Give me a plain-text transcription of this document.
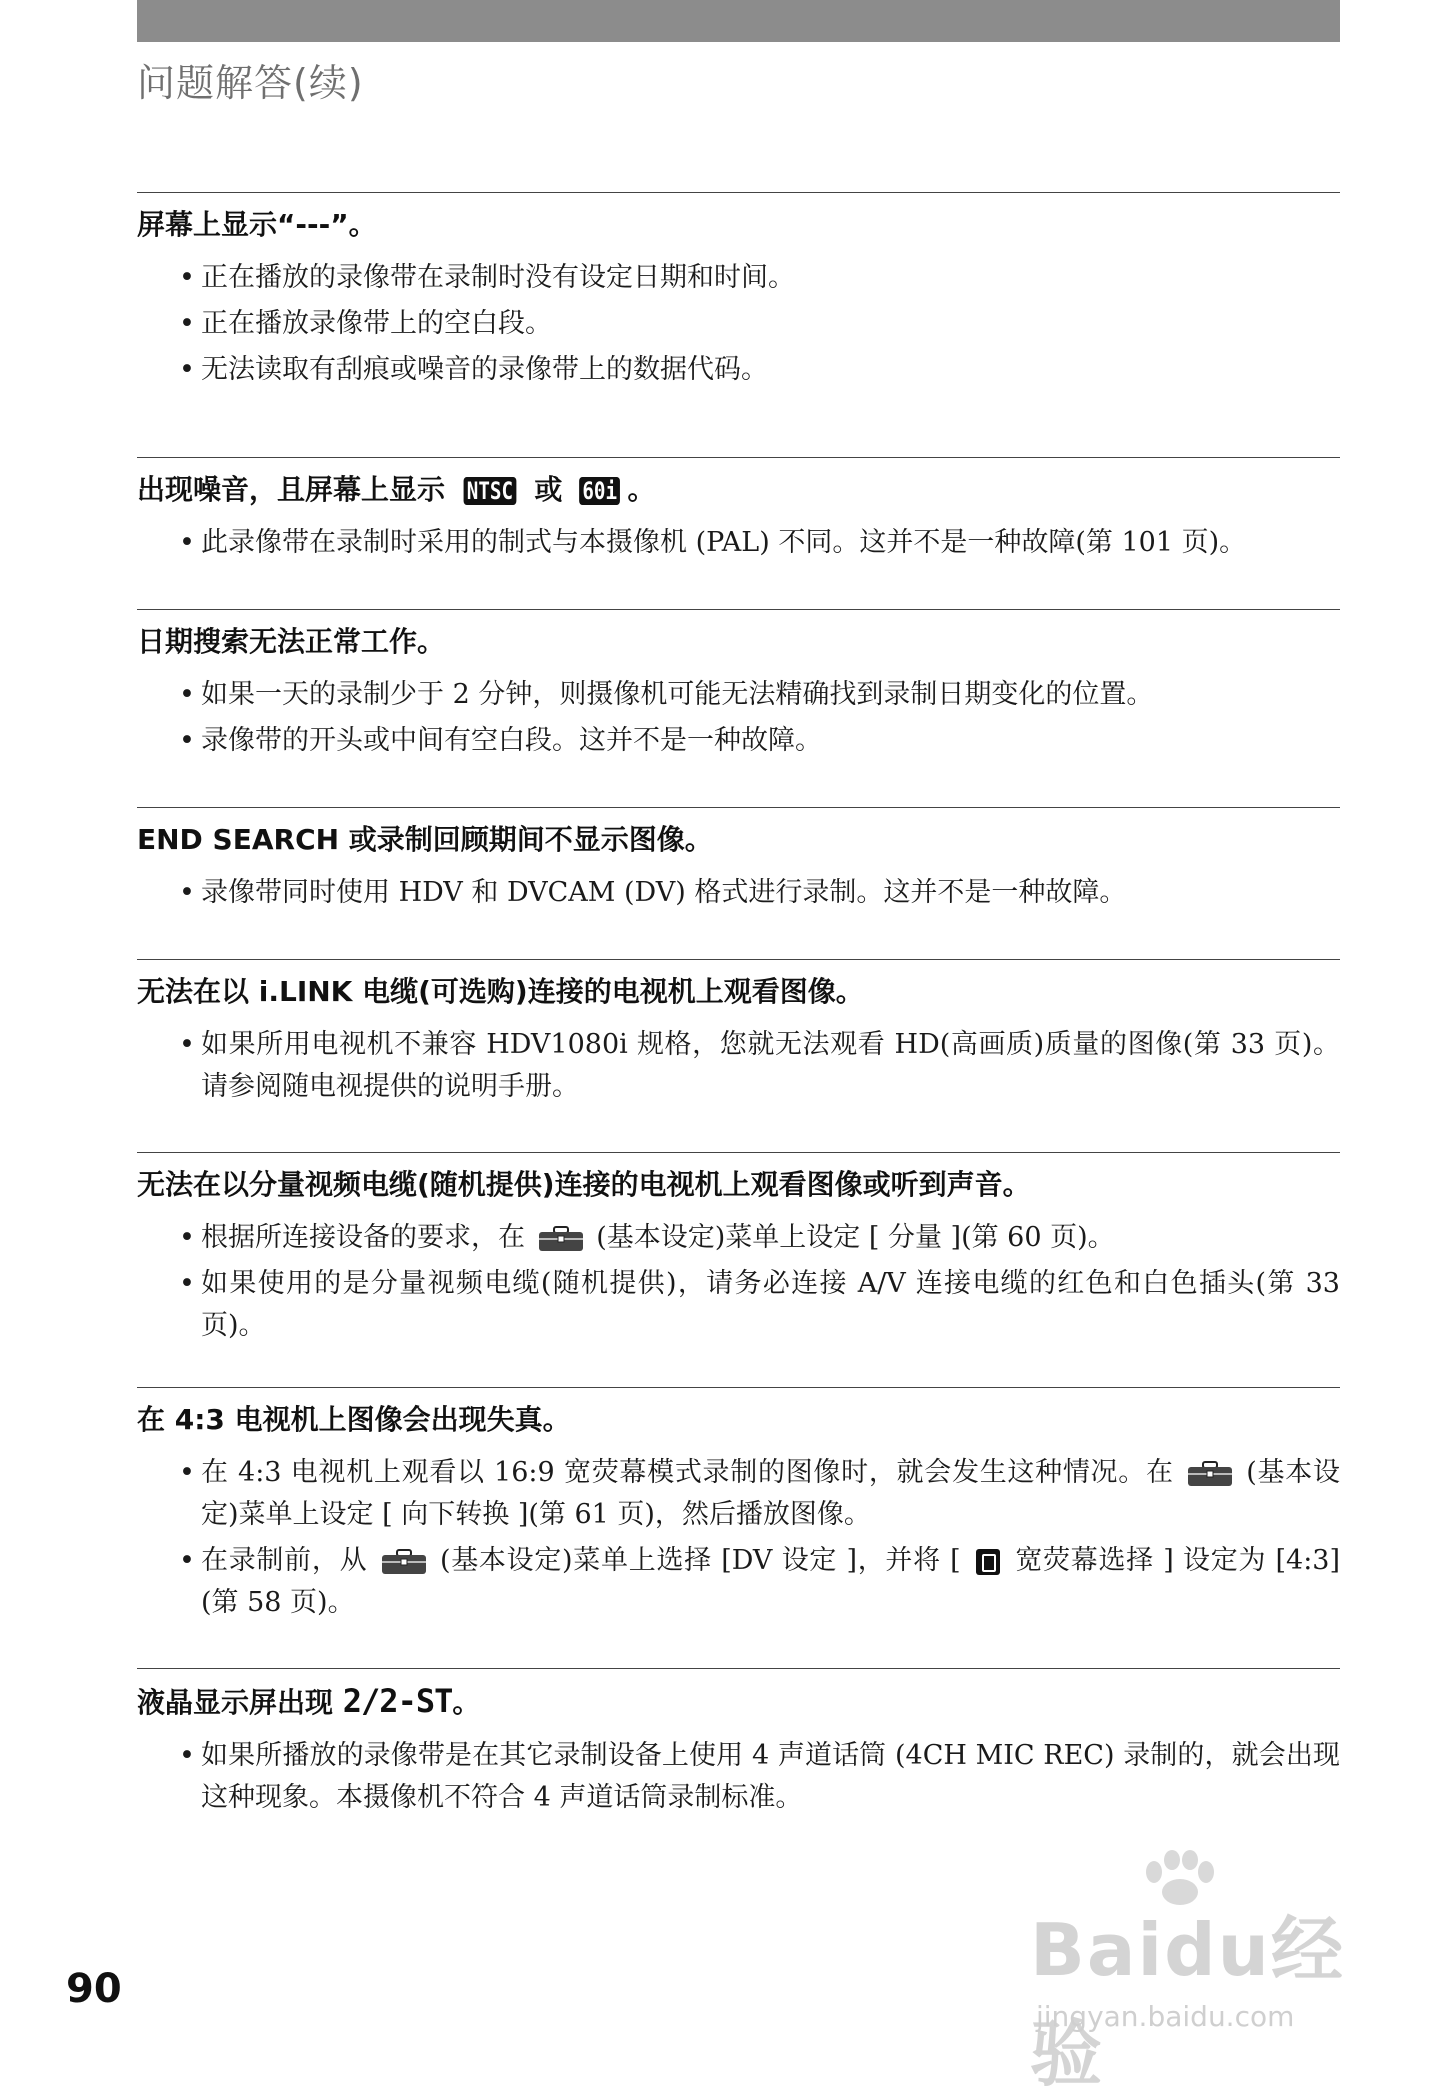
问题解答(续)
屏幕上显示“---”。
• 正在播放的录像带在录制时没有设定日期和时间。
• 正在播放录像带上的空白段。
• 无法读取有刮痕或噪音的录像带上的数据代码。
出现噪音，且屏幕上显示 NTSC 或 60i 。
• 此录像带在录制时采用的制式与本摄像机 (PAL) 不同。这并不是一种故障(第 101 页)。
日期搜索无法正常工作。
• 如果一天的录制少于 2 分钟，则摄像机可能无法精确找到录制日期变化的位置。
• 录像带的开头或中间有空白段。这并不是一种故障。
END SEARCH 或录制回顾期间不显示图像。
• 录像带同时使用 HDV 和 DVCAM (DV) 格式进行录制。这并不是一种故障。
无法在以 i.LINK 电缆(可选购)连接的电视机上观看图像。
• 如果所用电视机不兼容 HDV1080i 规格，您就无法观看 HD(高画质)质量的图像(第 33 页)。请参阅随电视提供的说明手册。
无法在以分量视频电缆(随机提供)连接的电视机上观看图像或听到声音。
• 根据所连接设备的要求，在	(基本设定)菜单上设定 [ 分量 ](第 60 页)。
• 如果使用的是分量视频电缆(随机提供)，请务必连接 A/V 连接电缆的红色和白色插头(第 33 页)。
在 4:3 电视机上图像会出现失真。
• 在 4:3 电视机上观看以 16:9 宽荧幕模式录制的图像时，就会发生这种情况。在	(基本设定)菜单上设定 [ 向下转换 ](第 61 页)，然后播放图像。
• 在录制前，从	(基本设定)菜单上选择 [DV 设定 ]，并将 [ 宽荧幕选择 ] 设定为 [4:3](第 58 页)。
液晶显示屏出现 2/2-ST。
• 如果所播放的录像带是在其它录制设备上使用 4 声道话筒 (4CH MIC REC) 录制的，就会出现这种现象。本摄像机不符合 4 声道话筒录制标准。
90	Baidu经验
jingyan.baidu.com
